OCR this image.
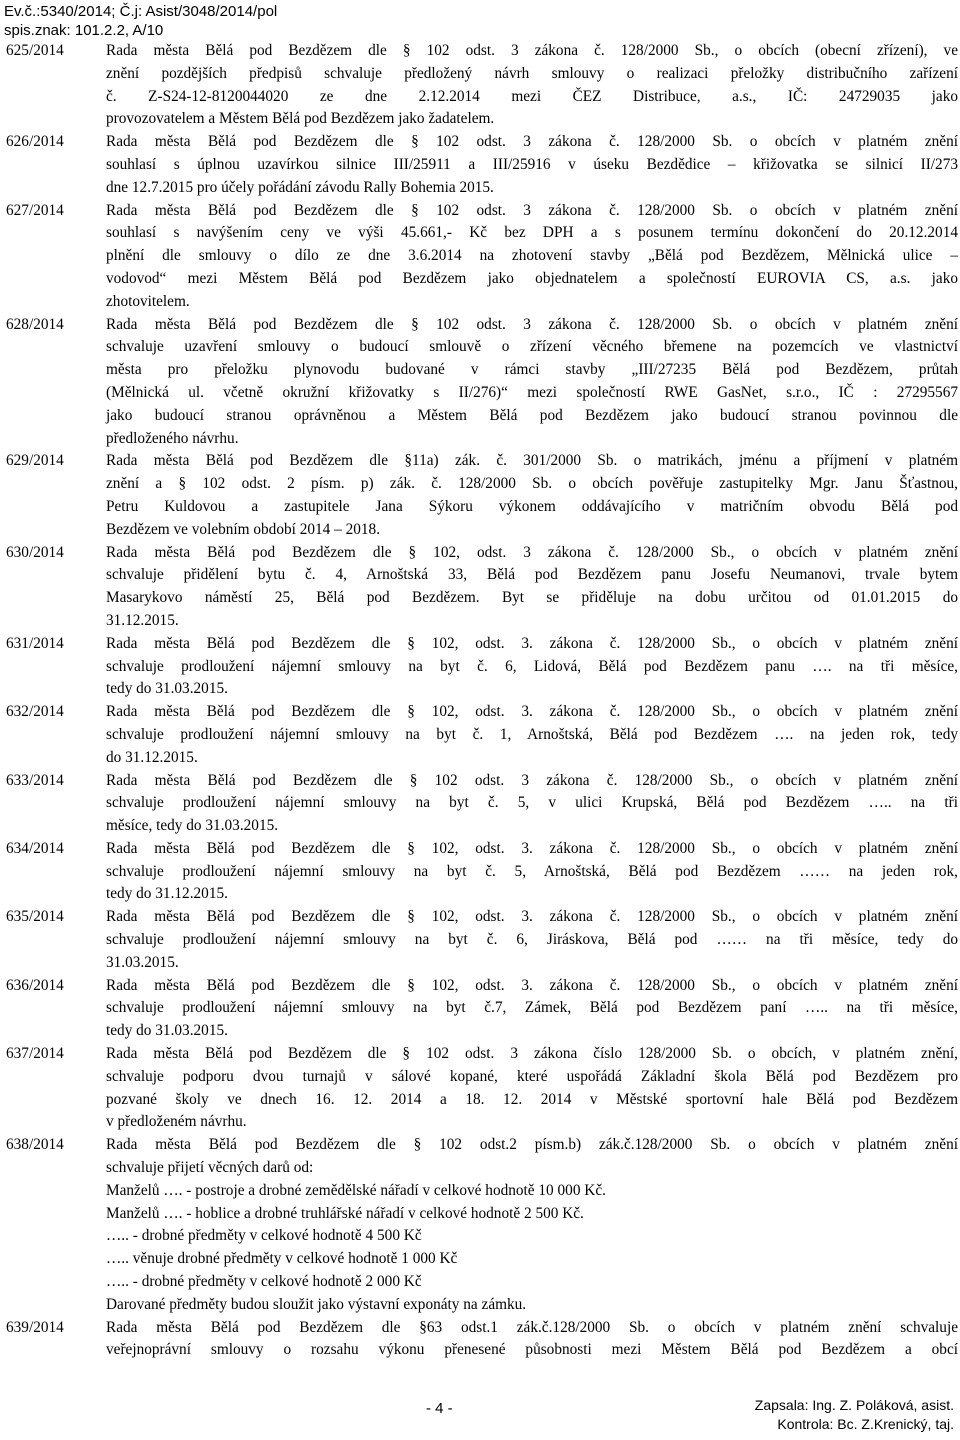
Ev.č.:5340/2014; Č.j: Asist/3048/2014/pol
spis.znak: 101.2.2, A/10
625/2014	Rada města Bělá pod Bezdězem dle § 102 odst. 3 zákona č. 128/2000 Sb., o obcích (obecní zřízení), ve

znění pozdějších předpisů schvaluje předložený návrh smlouvy o realizaci přeložky distribučního zařízení

č. Z-S24-12-8120044020 ze dne 2.12.2014 mezi ČEZ Distribuce, a.s., IČ: 24729035 jako

provozovatelem a Městem Bělá pod Bezdězem jako žadatelem.

626/2014	Rada města Bělá pod Bezdězem dle § 102 odst. 3 zákona č. 128/2000 Sb. o obcích v platném znění

souhlasí s úplnou uzavírkou silnice III/25911 a III/25916 v úseku Bezdědice – křižovatka se silnicí II/273

dne 12.7.2015 pro účely pořádání závodu Rally Bohemia 2015.

627/2014	Rada města Bělá pod Bezdězem dle § 102 odst. 3 zákona č. 128/2000 Sb. o obcích v platném znění

souhlasí s navýšením ceny ve výši 45.661,- Kč bez DPH a s posunem termínu dokončení do 20.12.2014

plnění dle smlouvy o dílo ze dne 3.6.2014 na zhotovení stavby „Bělá pod Bezdězem, Mělnická ulice –

vodovod“ mezi Městem Bělá pod Bezdězem jako objednatelem a společností EUROVIA CS, a.s. jako

zhotovitelem.

628/2014	Rada města Bělá pod Bezdězem dle § 102 odst. 3 zákona č. 128/2000 Sb. o obcích v platném znění

schvaluje uzavření smlouvy o budoucí smlouvě o zřízení věcného břemene na pozemcích ve vlastnictví

města pro přeložku plynovodu budované v rámci stavby „III/27235 Bělá pod Bezdězem, průtah

(Mělnická ul. včetně okružní křižovatky s II/276)“ mezi společností RWE GasNet, s.r.o., IČ : 27295567

jako budoucí stranou oprávněnou a Městem Bělá pod Bezdězem jako budoucí stranou povinnou dle

předloženého návrhu.

629/2014	Rada města Bělá pod Bezdězem dle §11a) zák. č. 301/2000 Sb. o matrikách, jménu a příjmení v platném

znění a § 102 odst. 2 písm. p) zák. č. 128/2000 Sb. o obcích pověřuje zastupitelky Mgr. Janu Šťastnou,

Petru Kuldovou a zastupitele Jana Sýkoru výkonem oddávajícího v matričním obvodu Bělá pod

Bezdězem ve volebním období 2014 – 2018.

630/2014	Rada města Bělá pod Bezdězem dle § 102, odst. 3 zákona č. 128/2000 Sb., o obcích v platném znění

schvaluje přidělení bytu č. 4, Arnoštská 33, Bělá pod Bezdězem panu Josefu Neumanovi, trvale bytem

Masarykovo náměstí 25, Bělá pod Bezdězem. Byt se přiděluje na dobu určitou od 01.01.2015 do

31.12.2015.

631/2014	Rada města Bělá pod Bezdězem dle § 102, odst. 3. zákona č. 128/2000 Sb., o obcích v platném znění

schvaluje prodloužení nájemní smlouvy na byt č. 6, Lidová, Bělá pod Bezdězem panu …. na tři měsíce,

tedy do 31.03.2015.

632/2014	Rada města Bělá pod Bezdězem dle § 102, odst. 3. zákona č. 128/2000 Sb., o obcích v platném znění

schvaluje prodloužení nájemní smlouvy na byt č. 1, Arnoštská, Bělá pod Bezdězem …. na jeden rok, tedy

do 31.12.2015.

633/2014	Rada města Bělá pod Bezdězem dle § 102 odst. 3 zákona č. 128/2000 Sb., o obcích v platném znění

schvaluje prodloužení nájemní smlouvy na byt č. 5, v ulici Krupská, Bělá pod Bezdězem ….. na tři

měsíce, tedy do 31.03.2015.

634/2014	Rada města Bělá pod Bezdězem dle § 102, odst. 3. zákona č. 128/2000 Sb., o obcích v platném znění

schvaluje prodloužení nájemní smlouvy na byt č. 5, Arnoštská, Bělá pod Bezdězem …… na jeden rok,

tedy do 31.12.2015.

635/2014	Rada města Bělá pod Bezdězem dle § 102, odst. 3. zákona č. 128/2000 Sb., o obcích v platném znění

schvaluje prodloužení nájemní smlouvy na byt č. 6, Jiráskova, Bělá pod …… na tři měsíce, tedy do

31.03.2015.

636/2014	Rada města Bělá pod Bezdězem dle § 102, odst. 3. zákona č. 128/2000 Sb., o obcích v platném znění

schvaluje prodloužení nájemní smlouvy na byt č.7, Zámek, Bělá pod Bezdězem paní ….. na tři měsíce,

tedy do 31.03.2015.

637/2014	Rada města Bělá pod Bezdězem dle § 102 odst. 3 zákona číslo 128/2000 Sb. o obcích, v platném znění,

schvaluje podporu dvou turnajů v sálové kopané, které uspořádá Základní škola Bělá pod Bezdězem pro

pozvané školy ve dnech 16. 12. 2014 a 18. 12. 2014 v Městské sportovní hale Bělá pod Bezdězem

v předloženém návrhu.

638/2014	Rada města Bělá pod Bezdězem dle § 102 odst.2 písm.b) zák.č.128/2000 Sb. o obcích v platném znění

schvaluje přijetí věcných darů od:

Manželů …. - postroje a drobné zemědělské nářadí v celkové hodnotě 10 000 Kč.

Manželů …. - hoblice a drobné truhlářské nářadí v celkové hodnotě 2 500 Kč.

….. - drobné předměty v celkové hodnotě 4 500 Kč

….. věnuje drobné předměty v celkové hodnotě 1 000 Kč

….. - drobné předměty v celkové hodnotě 2 000 Kč

Darované předměty budou sloužit jako výstavní exponáty na zámku.

639/2014	Rada města Bělá pod Bezdězem dle §63 odst.1 zák.č.128/2000 Sb. o obcích v platném znění schvaluje

veřejnoprávní smlouvy o rozsahu výkonu přenesené působnosti mezi Městem Bělá pod Bezdězem a obcí

- 4 -	Zapsala: Ing. Z. Poláková, asist.
Kontrola: Bc. Z.Krenický, taj.
